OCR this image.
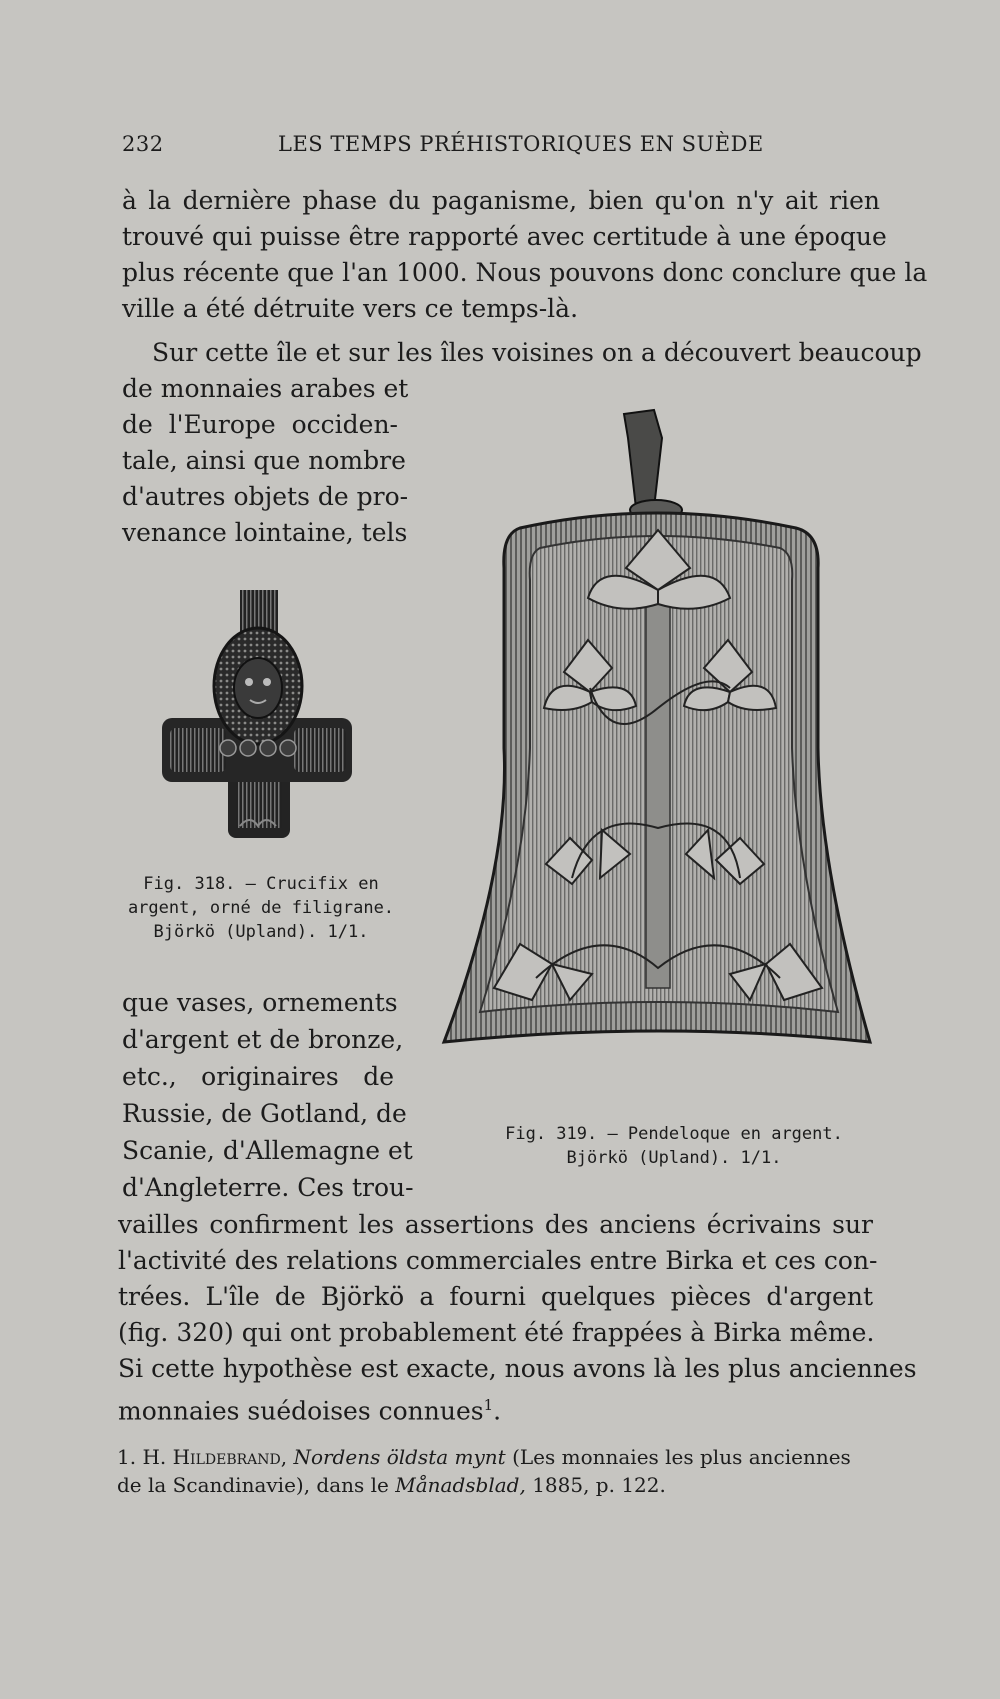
232	LES TEMPS PRÉHISTORIQUES EN SUÈDE
à la dernière phase du paganisme, bien qu'on n'y ait rien
trouvé qui puisse être rapporté avec certitude à une époque
plus récente que l'an 1000. Nous pouvons donc conclure que la
ville a été détruite vers ce temps-là.
Sur cette île et sur les îles voisines on a découvert beaucoup
de monnaies arabes et
de l'Europe occiden-
tale, ainsi que nombre
d'autres objets de pro-
venance lointaine, tels
Fig. 318. — Crucifix en
argent, orné de filigrane.
Björkö (Upland). 1/1.
Fig. 319. — Pendeloque en argent.
Björkö (Upland). 1/1.
que vases, ornements
d'argent et de bronze,
etc., originaires de
Russie, de Gotland, de
Scanie, d'Allemagne et
d'Angleterre. Ces trou-
vailles confirment les assertions des anciens écrivains sur
l'activité des relations commerciales entre Birka et ces con-
trées. L'île de Björkö a fourni quelques pièces d'argent
(fig. 320) qui ont probablement été frappées à Birka même.
Si cette hypothèse est exacte, nous avons là les plus anciennes
monnaies suédoises connues$^1$.
1. H. Hildebrand, Nordens öldsta mynt (Les monnaies les plus anciennes
de la Scandinavie), dans le Månadsblad, 1885, p. 122.
